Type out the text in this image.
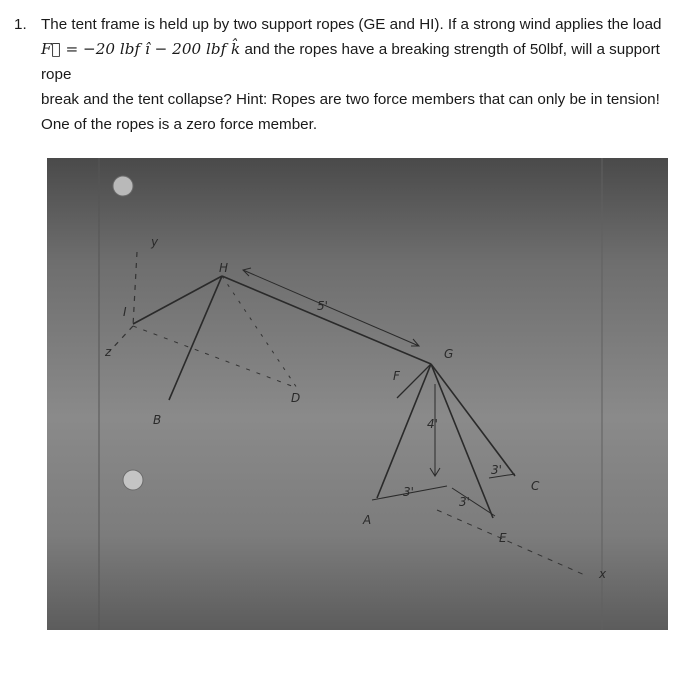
1. The tent frame is held up by two support ropes (GE and HI). If a strong wind applies the load
F⃗ = −20 lbf î − 200 lbf k̂ and the ropes have a breaking strength of 50lbf, will a support rope
break and the tent collapse? Hint: Ropes are two force members that can only be in tension!
One of the ropes is a zero force member.
H
G
I
B
D
A
E
C
F
y
z
x
5'
4'
3'
3'
3'
